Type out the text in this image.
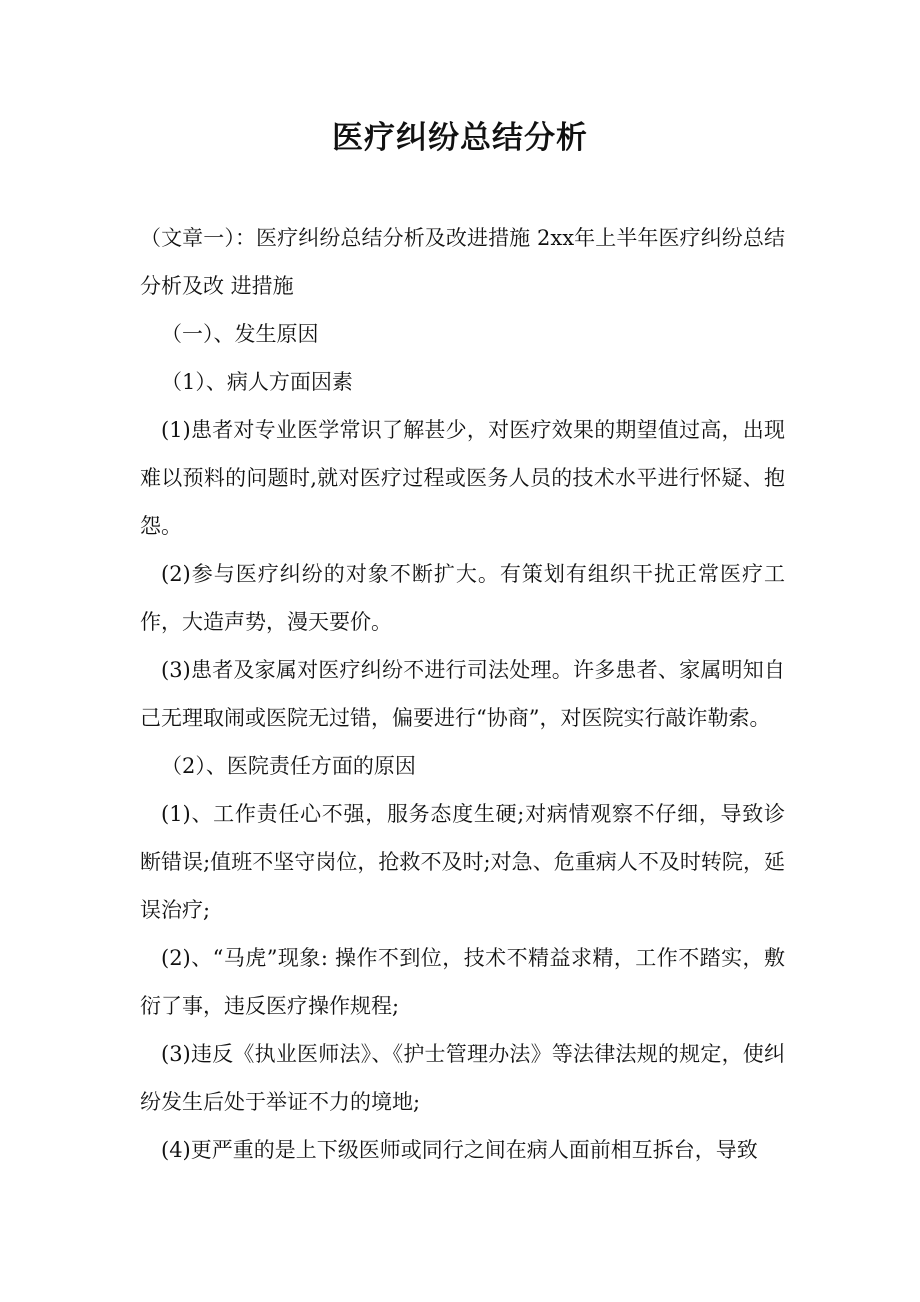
医疗纠纷总结分析

（文章一）：医疗纠纷总结分析及改进措施 2xx年上半年医疗纠纷总结分析及改 进措施

（一）、发生原因

（1）、病人方面因素

(1)患者对专业医学常识了解甚少，对医疗效果的期望值过高，出现难以预料的问题时,就对医疗过程或医务人员的技术水平进行怀疑、抱怨。

(2)参与医疗纠纷的对象不断扩大。有策划有组织干扰正常医疗工作，大造声势，漫天要价。

(3)患者及家属对医疗纠纷不进行司法处理。许多患者、家属明知自己无理取闹或医院无过错，偏要进行“协商”，对医院实行敲诈勒索。

（2）、医院责任方面的原因

(1)、工作责任心不强，服务态度生硬;对病情观察不仔细，导致诊断错误;值班不坚守岗位，抢救不及时;对急、危重病人不及时转院，延误治疗;

(2)、“马虎”现象: 操作不到位，技术不精益求精，工作不踏实，敷衍了事，违反医疗操作规程;

(3)违反《执业医师法》、《护士管理办法》等法律法规的规定，使纠纷发生后处于举证不力的境地;

(4)更严重的是上下级医师或同行之间在病人面前相互拆台，导致
